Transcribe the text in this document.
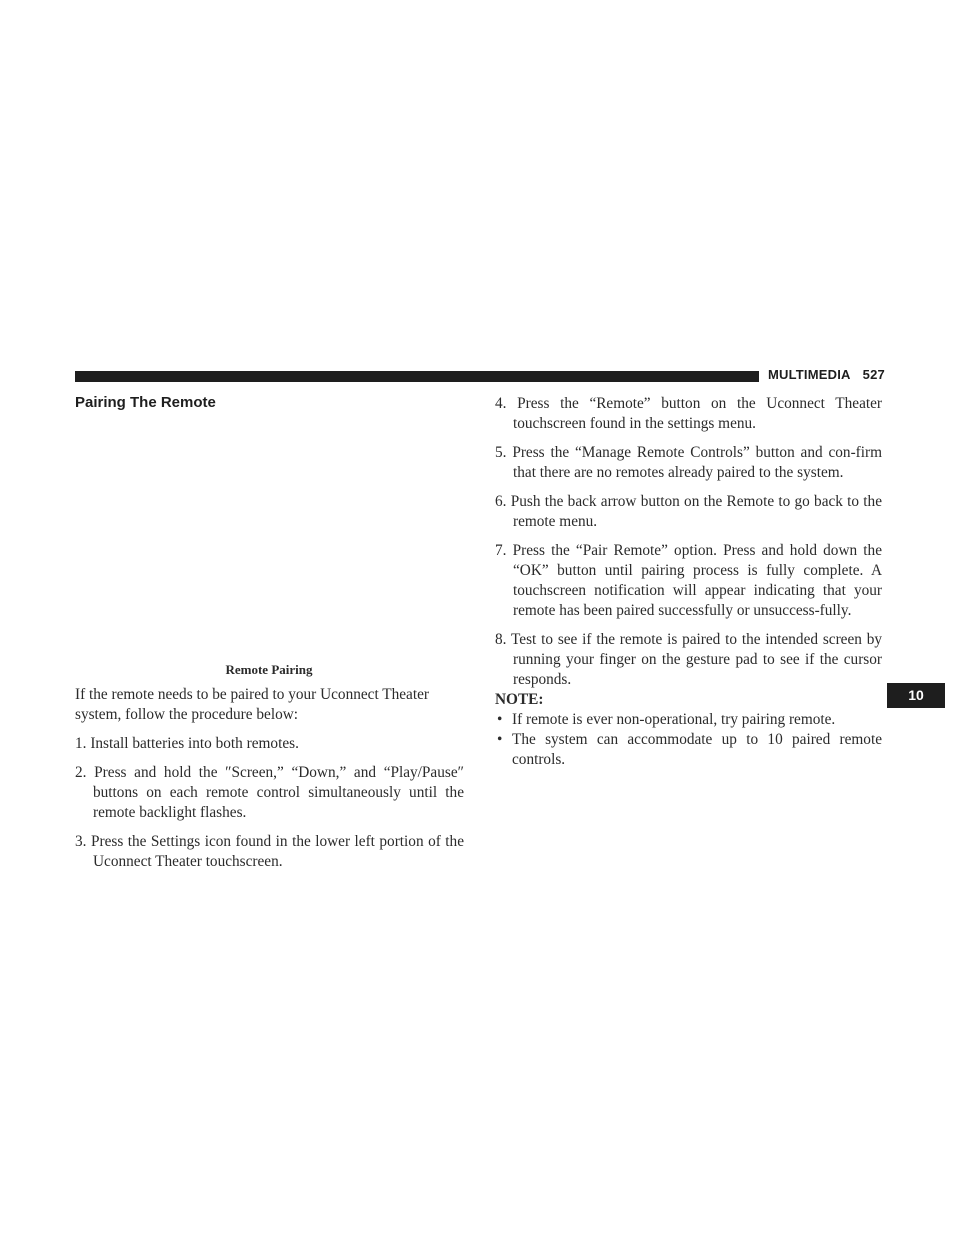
MULTIMEDIA 527
Pairing The Remote
Remote Pairing

If the remote needs to be paired to your Uconnect Theater system, follow the procedure below:

1. Install batteries into both remotes.

2. Press and hold the ″Screen,” “Down,” and “Play/Pause″ buttons on each remote control simultaneously until the remote backlight flashes.

3. Press the Settings icon found in the lower left portion of the Uconnect Theater touchscreen.

4. Press the “Remote” button on the Uconnect Theater touchscreen found in the settings menu.

5. Press the “Manage Remote Controls” button and con-firm that there are no remotes already paired to the system.

6. Push the back arrow button on the Remote to go back to the remote menu.

7. Press the “Pair Remote” option. Press and hold down the “OK” button until pairing process is fully complete. A touchscreen notification will appear indicating that your remote has been paired successfully or unsuccess-fully.

8. Test to see if the remote is paired to the intended screen by running your finger on the gesture pad to see if the cursor responds.

NOTE:

• If remote is ever non-operational, try pairing remote.

• The system can accommodate up to 10 paired remote controls.

10
